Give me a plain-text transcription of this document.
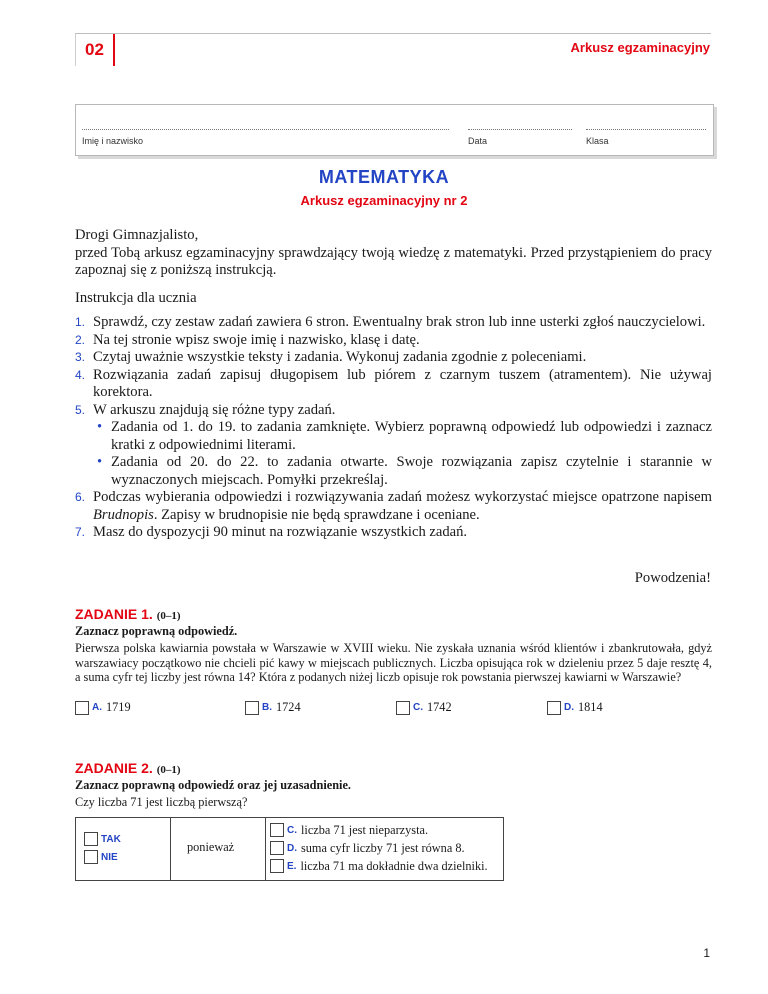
02	Arkusz egzaminacyjny
Imię i nazwisko	Data	Klasa
MATEMATYKA
Arkusz egzaminacyjny nr 2
Drogi Gimnazjalisto,
przed Tobą arkusz egzaminacyjny sprawdzający twoją wiedzę z matematyki. Przed przystąpieniem do pracy zapoznaj się z poniższą instrukcją.
Instrukcja dla ucznia
1. Sprawdź, czy zestaw zadań zawiera 6 stron. Ewentualny brak stron lub inne usterki zgłoś nauczycielowi.
2. Na tej stronie wpisz swoje imię i nazwisko, klasę i datę.
3. Czytaj uważnie wszystkie teksty i zadania. Wykonuj zadania zgodnie z poleceniami.
4. Rozwiązania zadań zapisuj długopisem lub piórem z czarnym tuszem (atramentem). Nie używaj korektora.
5. W arkuszu znajdują się różne typy zadań.
• Zadania od 1. do 19. to zadania zamknięte. Wybierz poprawną odpowiedź lub odpowiedzi i zaznacz kratki z odpowiednimi literami.
• Zadania od 20. do 22. to zadania otwarte. Swoje rozwiązania zapisz czytelnie i starannie w wyznaczonych miejscach. Pomyłki przekreślaj.
6. Podczas wybierania odpowiedzi i rozwiązywania zadań możesz wykorzystać miejsce opatrzone napisem Brudnopis. Zapisy w brudnopisie nie będą sprawdzane i oceniane.
7. Masz do dyspozycji 90 minut na rozwiązanie wszystkich zadań.
Powodzenia!
ZADANIE 1. (0–1)
Zaznacz poprawną odpowiedź.
Pierwsza polska kawiarnia powstała w Warszawie w XVIII wieku. Nie zyskała uznania wśród klientów i zbankrutowała, gdyż warszawiacy początkowo nie chcieli pić kawy w miejscach publicznych. Liczba opisująca rok w dzieleniu przez 5 daje resztę 4, a suma cyfr tej liczby jest równa 14? Która z podanych niżej liczb opisuje rok powstania pierwszej kawiarni w Warszawie?
A. 1719	B. 1724	C. 1742	D. 1814
ZADANIE 2. (0–1)
Zaznacz poprawną odpowiedź oraz jej uzasadnienie.
Czy liczba 71 jest liczbą pierwszą?
TAK
NIE
ponieważ
C. liczba 71 jest nieparzysta.
D. suma cyfr liczby 71 jest równa 8.
E. liczba 71 ma dokładnie dwa dzielniki.
1
